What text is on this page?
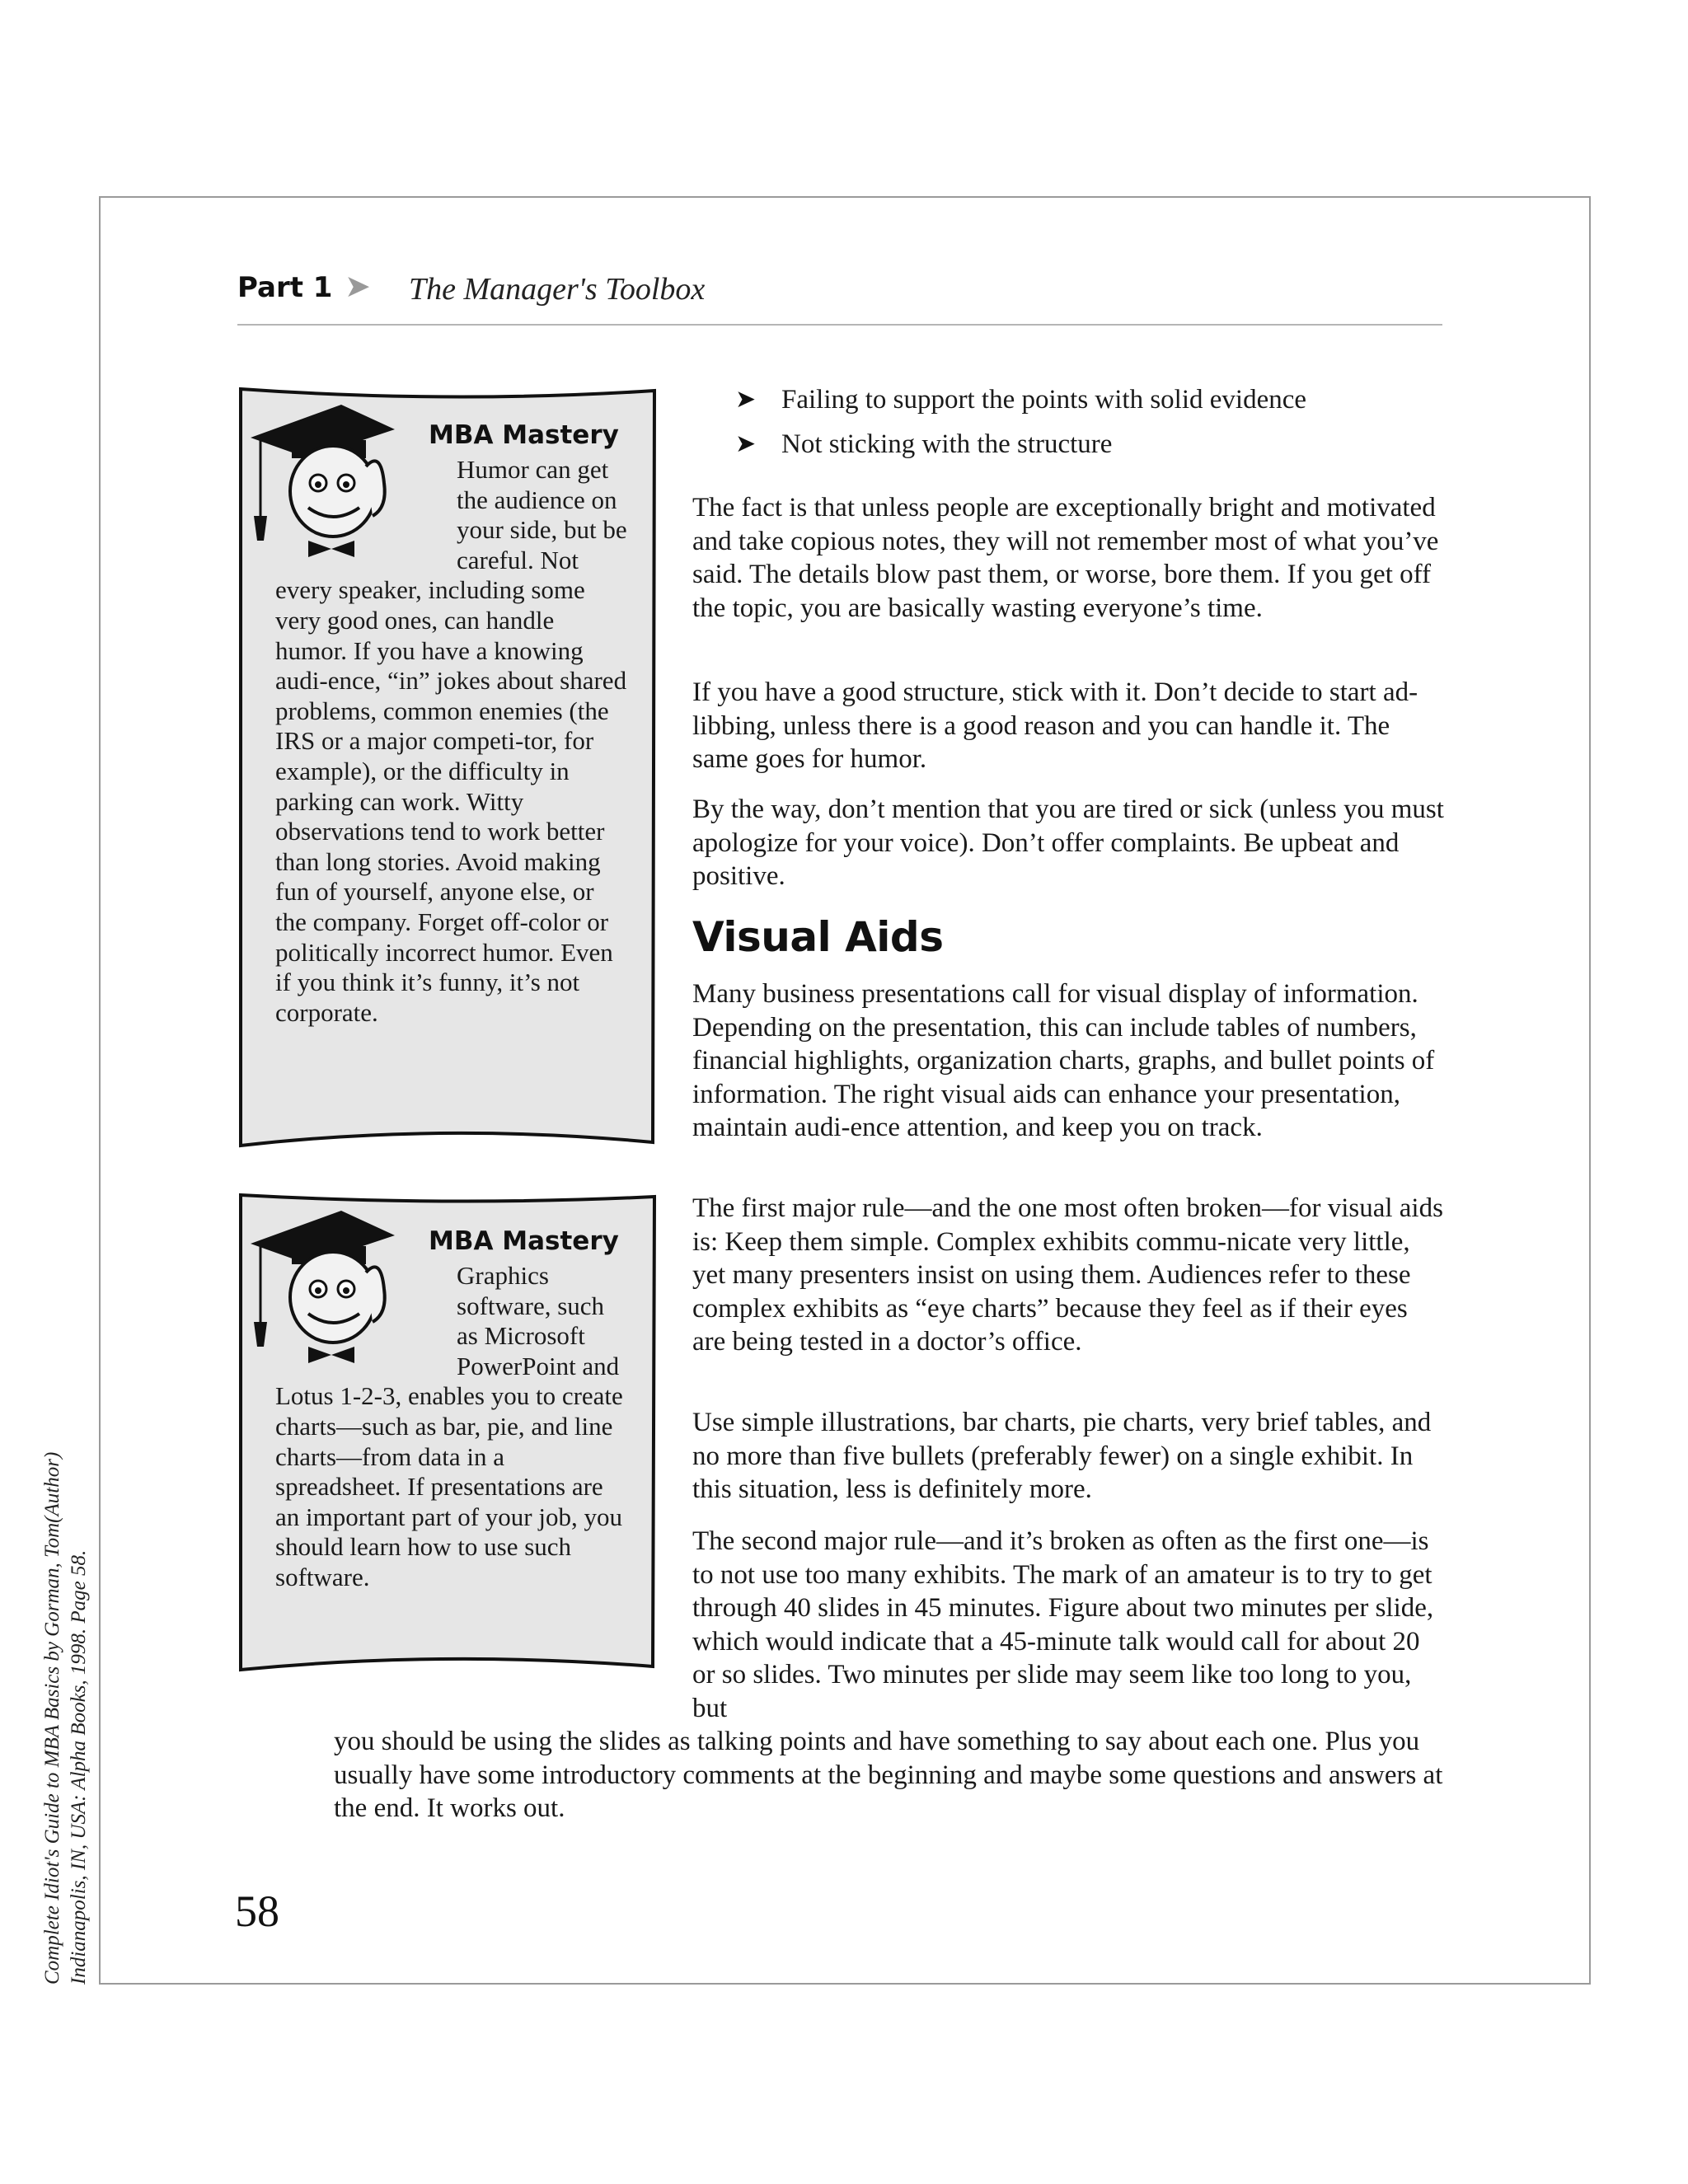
Complete Idiot's Guide to MBA Basics by Gorman, Tom(Author) Indianapolis, IN, USA: Alpha Books, 1998. Page 58.
Part 1 ➤ The Manager's Toolbox
MBA Mastery

Humor can get the audience on your side, but be careful. Not every speaker, including some very good ones, can handle humor. If you have a knowing audi-ence, “in” jokes about shared problems, common enemies (the IRS or a major competi-tor, for example), or the difficulty in parking can work. Witty observations tend to work better than long stories. Avoid making fun of yourself, anyone else, or the company. Forget off-color or politically incorrect humor. Even if you think it’s funny, it’s not corporate.

MBA Mastery

Graphics software, such as Microsoft PowerPoint and Lotus 1-2-3, enables you to create charts—such as bar, pie, and line charts—from data in a spreadsheet. If presentations are an important part of your job, you should learn how to use such software.

➤ Failing to support the points with solid evidence
➤ Not sticking with the structure

The fact is that unless people are exceptionally bright and motivated and take copious notes, they will not remember most of what you’ve said. The details blow past them, or worse, bore them. If you get off the topic, you are basically wasting everyone’s time.

If you have a good structure, stick with it. Don’t decide to start ad-libbing, unless there is a good reason and you can handle it. The same goes for humor.

By the way, don’t mention that you are tired or sick (unless you must apologize for your voice). Don’t offer complaints. Be upbeat and positive.

Visual Aids

Many business presentations call for visual display of information. Depending on the presentation, this can include tables of numbers, financial highlights, organization charts, graphs, and bullet points of information. The right visual aids can enhance your presentation, maintain audi-ence attention, and keep you on track.

The first major rule—and the one most often broken—for visual aids is: Keep them simple. Complex exhibits commu-nicate very little, yet many presenters insist on using them. Audiences refer to these complex exhibits as “eye charts” because they feel as if their eyes are being tested in a doctor’s office.

Use simple illustrations, bar charts, pie charts, very brief tables, and no more than five bullets (preferably fewer) on a single exhibit. In this situation, less is definitely more.

The second major rule—and it’s broken as often as the first one—is to not use too many exhibits. The mark of an amateur is to try to get through 40 slides in 45 minutes. Figure about two minutes per slide, which would indicate that a 45-minute talk would call for about 20 or so slides. Two minutes per slide may seem like too long to you, but

you should be using the slides as talking points and have something to say about each one. Plus you usually have some introductory comments at the beginning and maybe some questions and answers at the end. It works out.

58
